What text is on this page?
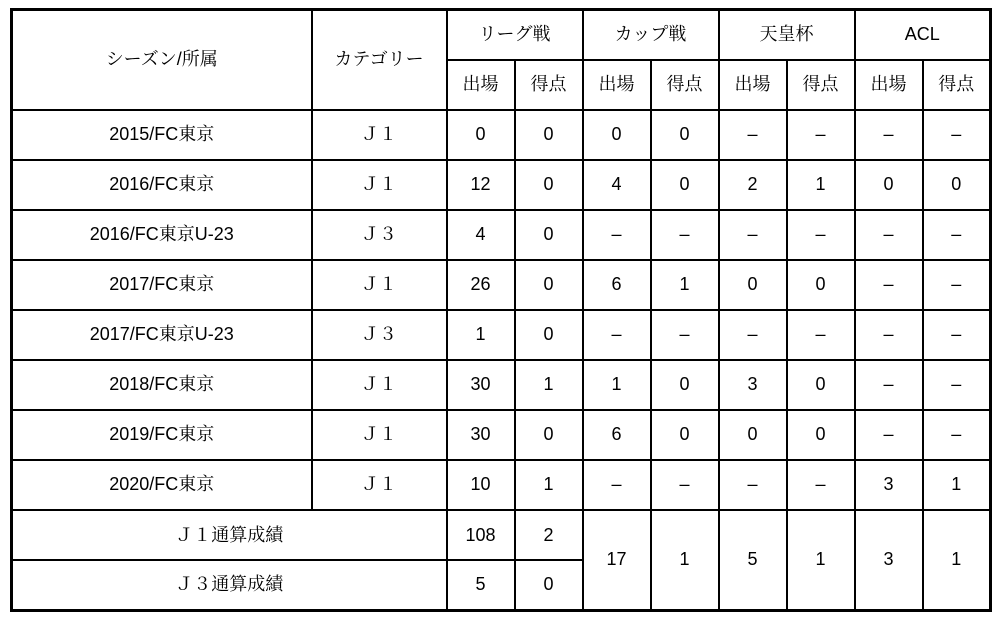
シーズン/所属	カテゴリー	リーグ戦		カップ戦		天皇杯		ACL	
		出場	得点	出場	得点	出場	得点	出場	得点
2015/FC東京	Ｊ１	0	0	0	0	–	–	–	–
2016/FC東京	Ｊ１	12	0	4	0	2	1	0	0
2016/FC東京U-23	Ｊ３	4	0	–	–	–	–	–	–
2017/FC東京	Ｊ１	26	0	6	1	0	0	–	–
2017/FC東京U-23	Ｊ３	1	0	–	–	–	–	–	–
2018/FC東京	Ｊ１	30	1	1	0	3	0	–	–
2019/FC東京	Ｊ１	30	0	6	0	0	0	–	–
2020/FC東京	Ｊ１	10	1	–	–	–	–	3	1
Ｊ１通算成績		108	2	17	1	5	1	3	1
Ｊ３通算成績		5	0						
